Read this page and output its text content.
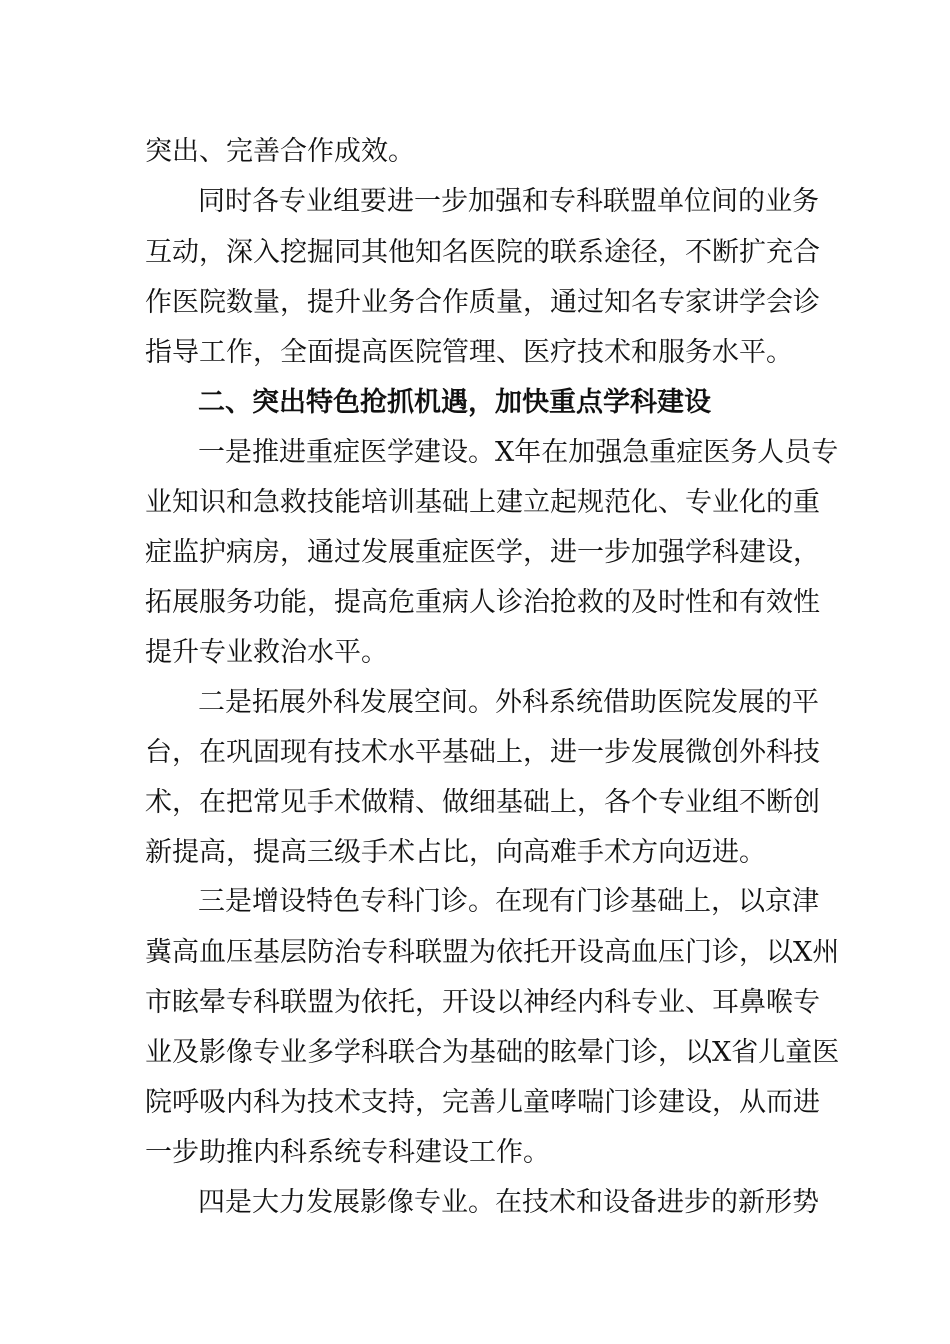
突出、完善合作成效。
同时各专业组要进一步加强和专科联盟单位间的业务
互动，深入挖掘同其他知名医院的联系途径，不断扩充合
作医院数量，提升业务合作质量，通过知名专家讲学会诊
指导工作，全面提高医院管理、医疗技术和服务水平。
二、突出特色抢抓机遇，加快重点学科建设
一是推进重症医学建设。X年在加强急重症医务人员专
业知识和急救技能培训基础上建立起规范化、专业化的重
症监护病房，通过发展重症医学，进一步加强学科建设，
拓展服务功能，提高危重病人诊治抢救的及时性和有效性
提升专业救治水平。
二是拓展外科发展空间。外科系统借助医院发展的平
台，在巩固现有技术水平基础上，进一步发展微创外科技
术，在把常见手术做精、做细基础上，各个专业组不断创
新提高，提高三级手术占比，向高难手术方向迈进。
三是增设特色专科门诊。在现有门诊基础上，以京津
冀高血压基层防治专科联盟为依托开设高血压门诊，以X州
市眩晕专科联盟为依托，开设以神经内科专业、耳鼻喉专
业及影像专业多学科联合为基础的眩晕门诊，以X省儿童医
院呼吸内科为技术支持，完善儿童哮喘门诊建设，从而进
一步助推内科系统专科建设工作。
四是大力发展影像专业。在技术和设备进步的新形势
